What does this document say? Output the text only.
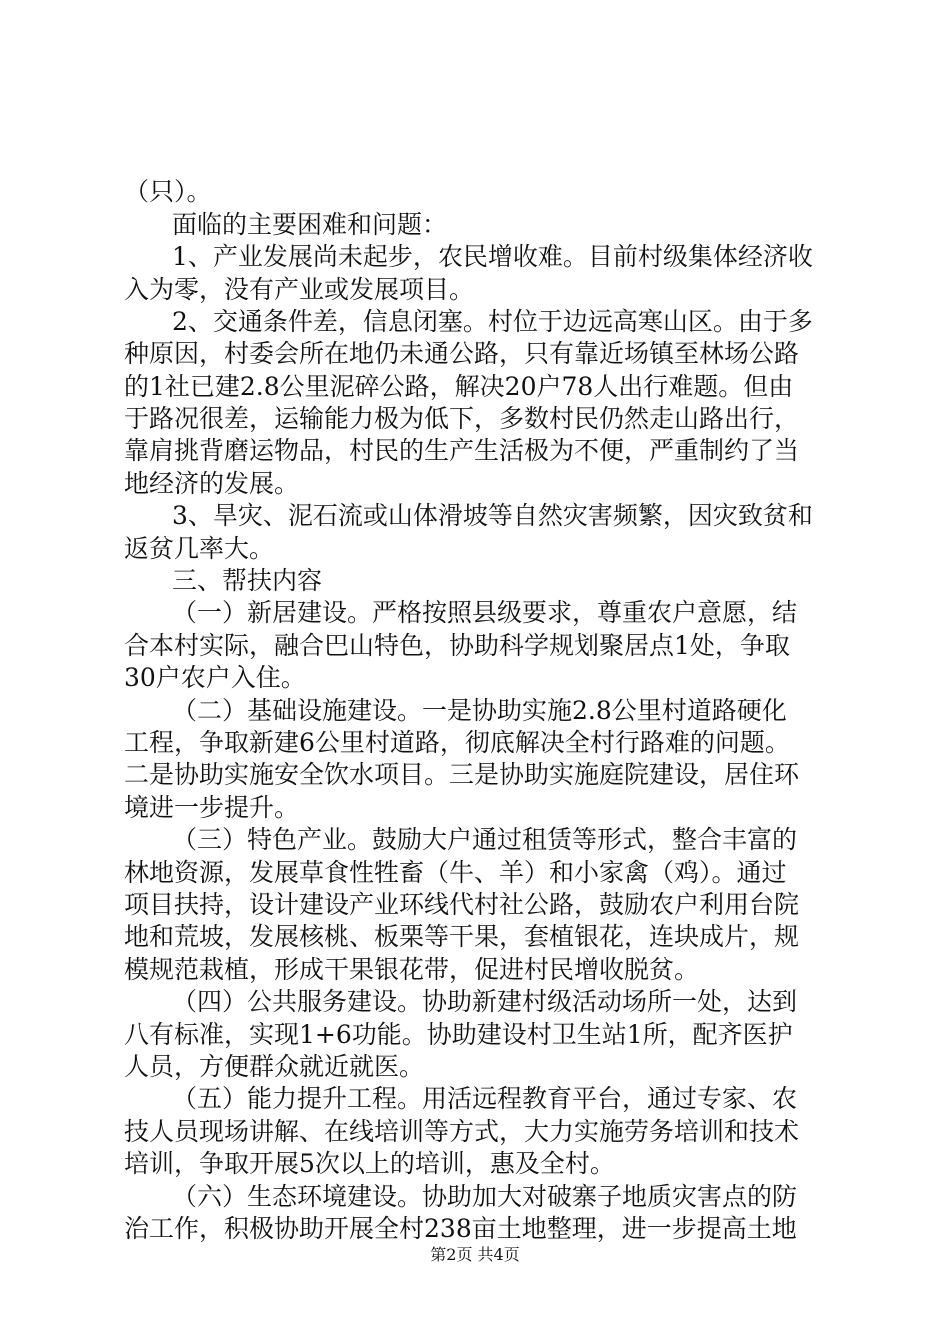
（只）。
面临的主要困难和问题：
1、产业发展尚未起步，农民增收难。目前村级集体经济收
入为零，没有产业或发展项目。
2、交通条件差，信息闭塞。村位于边远高寒山区。由于多
种原因，村委会所在地仍未通公路，只有靠近场镇至林场公路
的1社已建2.8公里泥碎公路，解决20户78人出行难题。但由
于路况很差，运输能力极为低下，多数村民仍然走山路出行，
靠肩挑背磨运物品，村民的生产生活极为不便，严重制约了当
地经济的发展。
3、旱灾、泥石流或山体滑坡等自然灾害频繁，因灾致贫和
返贫几率大。
三、帮扶内容
（一）新居建设。严格按照县级要求，尊重农户意愿，结
合本村实际，融合巴山特色，协助科学规划聚居点1处，争取
30户农户入住。
（二）基础设施建设。一是协助实施2.8公里村道路硬化
工程，争取新建6公里村道路，彻底解决全村行路难的问题。
二是协助实施安全饮水项目。三是协助实施庭院建设，居住环
境进一步提升。
（三）特色产业。鼓励大户通过租赁等形式，整合丰富的
林地资源，发展草食性牲畜（牛、羊）和小家禽（鸡）。通过
项目扶持，设计建设产业环线代村社公路，鼓励农户利用台院
地和荒坡，发展核桃、板栗等干果，套植银花，连块成片，规
模规范栽植，形成干果银花带，促进村民增收脱贫。
（四）公共服务建设。协助新建村级活动场所一处，达到
八有标准，实现1+6功能。协助建设村卫生站1所，配齐医护
人员，方便群众就近就医。
（五）能力提升工程。用活远程教育平台，通过专家、农
技人员现场讲解、在线培训等方式，大力实施劳务培训和技术
培训，争取开展5次以上的培训，惠及全村。
（六）生态环境建设。协助加大对破寨子地质灾害点的防
治工作，积极协助开展全村238亩土地整理，进一步提高土地
第2页 共4页
